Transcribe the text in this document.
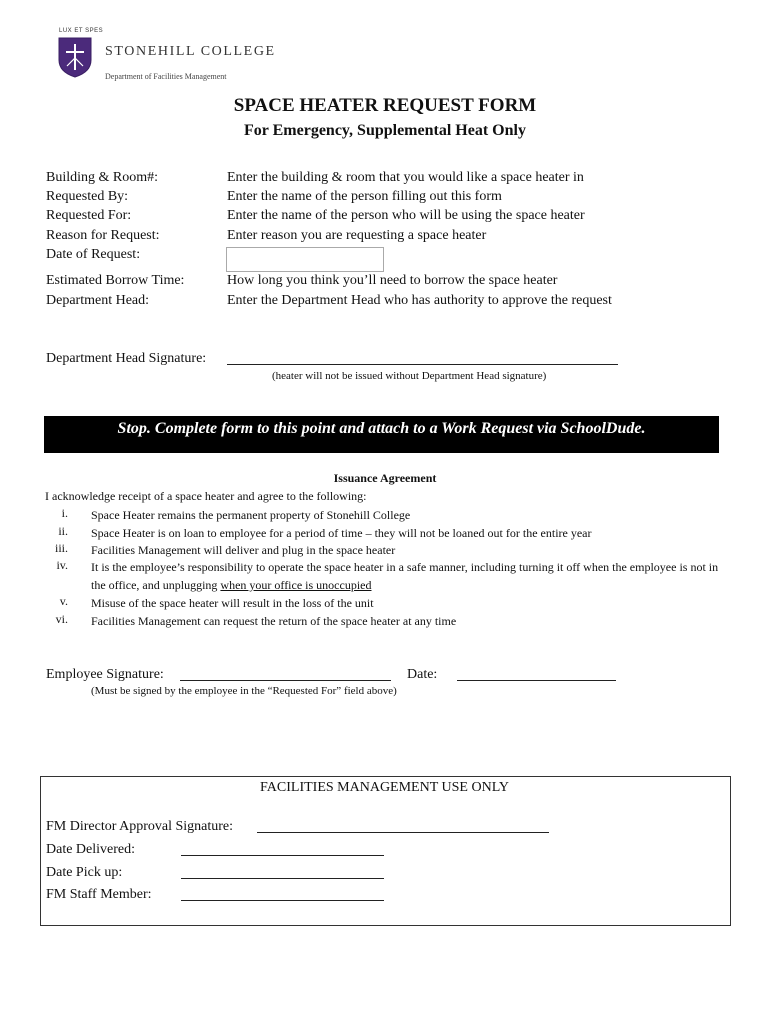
LUX ET SPES
STONEHILL COLLEGE
Department of Facilities Management
SPACE HEATER REQUEST FORM
For Emergency, Supplemental Heat Only
Building & Room#:	Enter the building & room that you would like a space heater in
Requested By:	Enter the name of the person filling out this form
Requested For:	Enter the name of the person who will be using the space heater
Reason for Request:	Enter reason you are requesting a space heater
Date of Request:
Estimated Borrow Time:	How long you think you’ll need to borrow the space heater
Department Head:	Enter the Department Head who has authority to approve the request
Department Head Signature:
(heater will not be issued without Department Head signature)
Stop. Complete form to this point and attach to a Work Request via SchoolDude.
Issuance Agreement
I acknowledge receipt of a space heater and agree to the following:
i. Space Heater remains the permanent property of Stonehill College
ii. Space Heater is on loan to employee for a period of time – they will not be loaned out for the entire year
iii. Facilities Management will deliver and plug in the space heater
iv. It is the employee’s responsibility to operate the space heater in a safe manner, including turning it off when the employee is not in the office, and unplugging when your office is unoccupied
v. Misuse of the space heater will result in the loss of the unit
vi. Facilities Management can request the return of the space heater at any time
Employee Signature:	Date:
(Must be signed by the employee in the “Requested For” field above)
FACILITIES MANAGEMENT USE ONLY
FM Director Approval Signature:
Date Delivered:
Date Pick up:
FM Staff Member:
